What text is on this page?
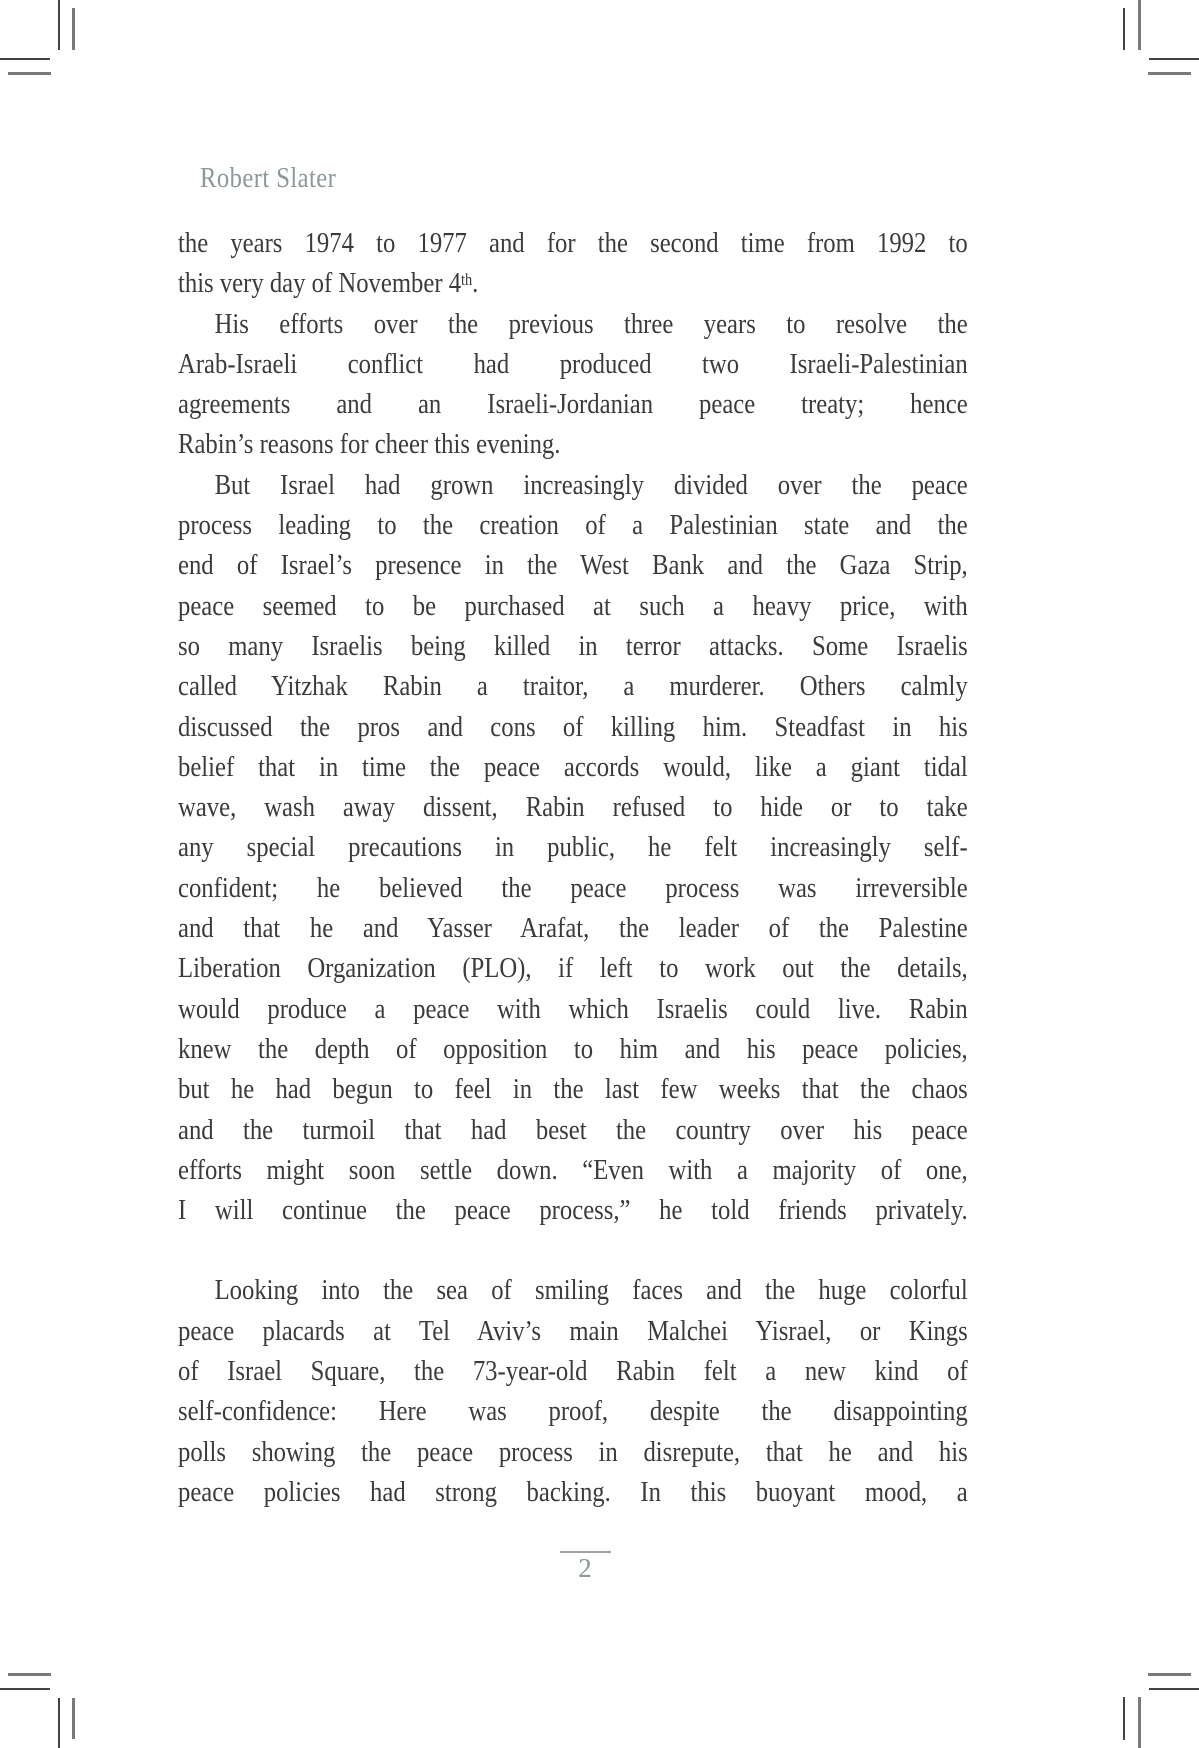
Robert Slater
the years 1974 to 1977 and for the second time from 1992 to
this very day of November 4th.
His efforts over the previous three years to resolve the
Arab-Israeli conflict had produced two Israeli-Palestinian
agreements and an Israeli-Jordanian peace treaty; hence
Rabin’s reasons for cheer this evening.
But Israel had grown increasingly divided over the peace
process leading to the creation of a Palestinian state and the
end of Israel’s presence in the West Bank and the Gaza Strip,
peace seemed to be purchased at such a heavy price, with
so many Israelis being killed in terror attacks. Some Israelis
called Yitzhak Rabin a traitor, a murderer. Others calmly
discussed the pros and cons of killing him. Steadfast in his
belief that in time the peace accords would, like a giant tidal
wave, wash away dissent, Rabin refused to hide or to take
any special precautions in public, he felt increasingly self-
confident; he believed the peace process was irreversible
and that he and Yasser Arafat, the leader of the Palestine
Liberation Organization (PLO), if left to work out the details,
would produce a peace with which Israelis could live. Rabin
knew the depth of opposition to him and his peace policies,
but he had begun to feel in the last few weeks that the chaos
and the turmoil that had beset the country over his peace
efforts might soon settle down. “Even with a majority of one,
I will continue the peace process,” he told friends privately.
Looking into the sea of smiling faces and the huge colorful
peace placards at Tel Aviv’s main Malchei Yisrael, or Kings
of Israel Square, the 73-year-old Rabin felt a new kind of
self-confidence: Here was proof, despite the disappointing
polls showing the peace process in disrepute, that he and his
peace policies had strong backing. In this buoyant mood, a
2
